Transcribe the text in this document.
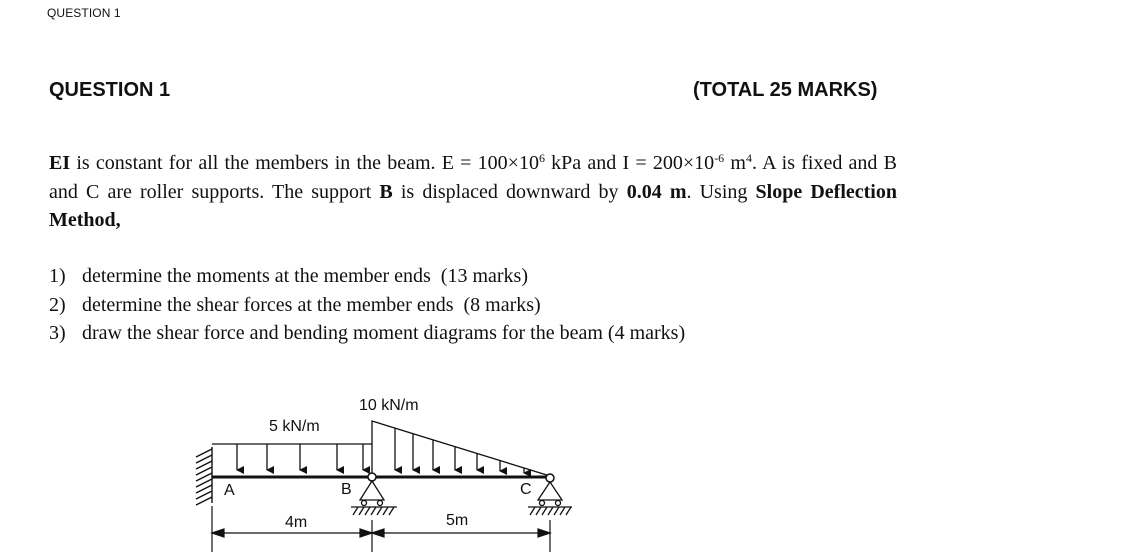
QUESTION 1
QUESTION 1	(TOTAL 25 MARKS)
EI is constant for all the members in the beam. $E = 100\times 10^6$ kPa and $I = 200\times 10^{-6}$ $m^4$. A is fixed and B and C are roller supports. The support B is displaced downward by 0.04 m. Using Slope Deflection Method,
1) determine the moments at the member ends  (13 marks)
2) determine the shear forces at the member ends  (8 marks)
3) draw the shear force and bending moment diagrams for the beam (4 marks)
5 kN/m
10 kN/m
A	B	C
4m	5m
